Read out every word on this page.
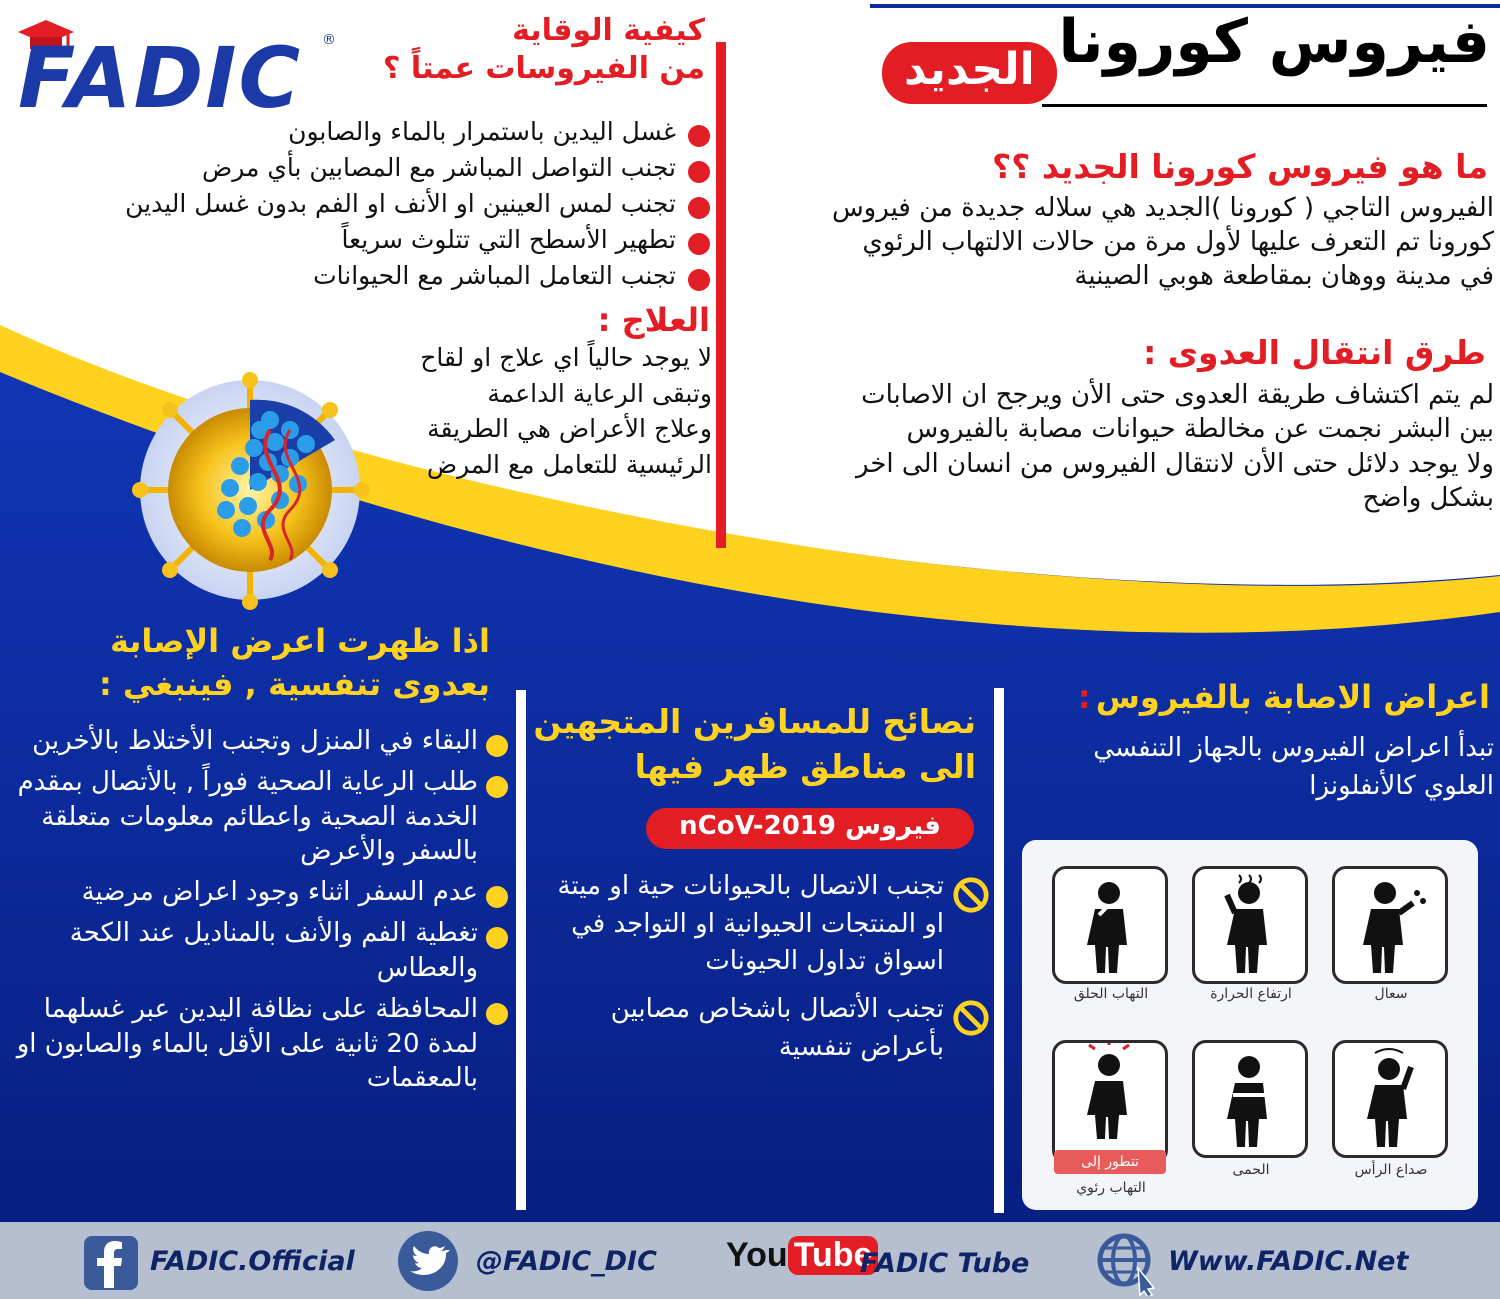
FADIC ®	فيروس كورونا
الجديد
كيفية الوقاية
من الفيروسات عمتاً ؟
غسل اليدين باستمرار بالماء والصابون
تجنب التواصل المباشر مع المصابين بأي مرض
تجنب لمس العينين او الأنف او الفم بدون غسل اليدين
تطهير الأسطح التي تتلوث سريعاً
تجنب التعامل المباشر مع الحيوانات
العلاج :
لا يوجد حالياً اي علاج او لقاح
وتبقى الرعاية الداعمة
وعلاج الأعراض هي الطريقة
الرئيسية للتعامل مع المرض
ما هو فيروس كورونا الجديد ؟؟
الفيروس التاجي ( كورونا )الجديد هي سلاله جديدة من فيروس
كورونا تم التعرف عليها لأول مرة من حالات الالتهاب الرئوي
في مدينة ووهان بمقاطعة هوبي الصينية
طرق انتقال العدوى :
لم يتم اكتشاف طريقة العدوى حتى الأن ويرجح ان الاصابات
بين البشر نجمت عن مخالطة حيوانات مصابة بالفيروس
ولا يوجد دلائل حتى الأن لانتقال الفيروس من انسان الى اخر
بشكل واضح
اذا ظهرت اعرض الإصابة
بعدوى تنفسية , فينبغي :
البقاء في المنزل وتجنب الأختلاط بالأخرين
طلب الرعاية الصحية فوراً , بالأتصال بمقدم الخدمة الصحية واعطائم معلومات متعلقة بالسفر والأعرض
عدم السفر اثناء وجود اعراض مرضية
تغطية الفم والأنف بالمناديل عند الكحة والعطاس
المحافظة على نظافة اليدين عبر غسلهما لمدة 20 ثانية على الأقل بالماء والصابون او بالمعقمات
نصائح للمسافرين المتجهين
الى مناطق ظهر فيها
فيروس nCoV-2019
تجنب الاتصال بالحيوانات حية او ميتة او المنتجات الحيوانية او التواجد في اسواق تداول الحيونات
تجنب الأتصال باشخاص مصابين بأعراض تنفسية
اعراض الاصابة بالفيروس :
تبدأ اعراض الفيروس بالجهاز التنفسي
العلوي كالأنفلونزا
سعال
ارتفاع الحرارة
التهاب الحلق
تتطور إلى	صداع الرأس
الحمى
التهاب رئوي
FADIC.Official	@FADIC_DIC You Tube
FADIC Tube	Www.FADIC.Net
